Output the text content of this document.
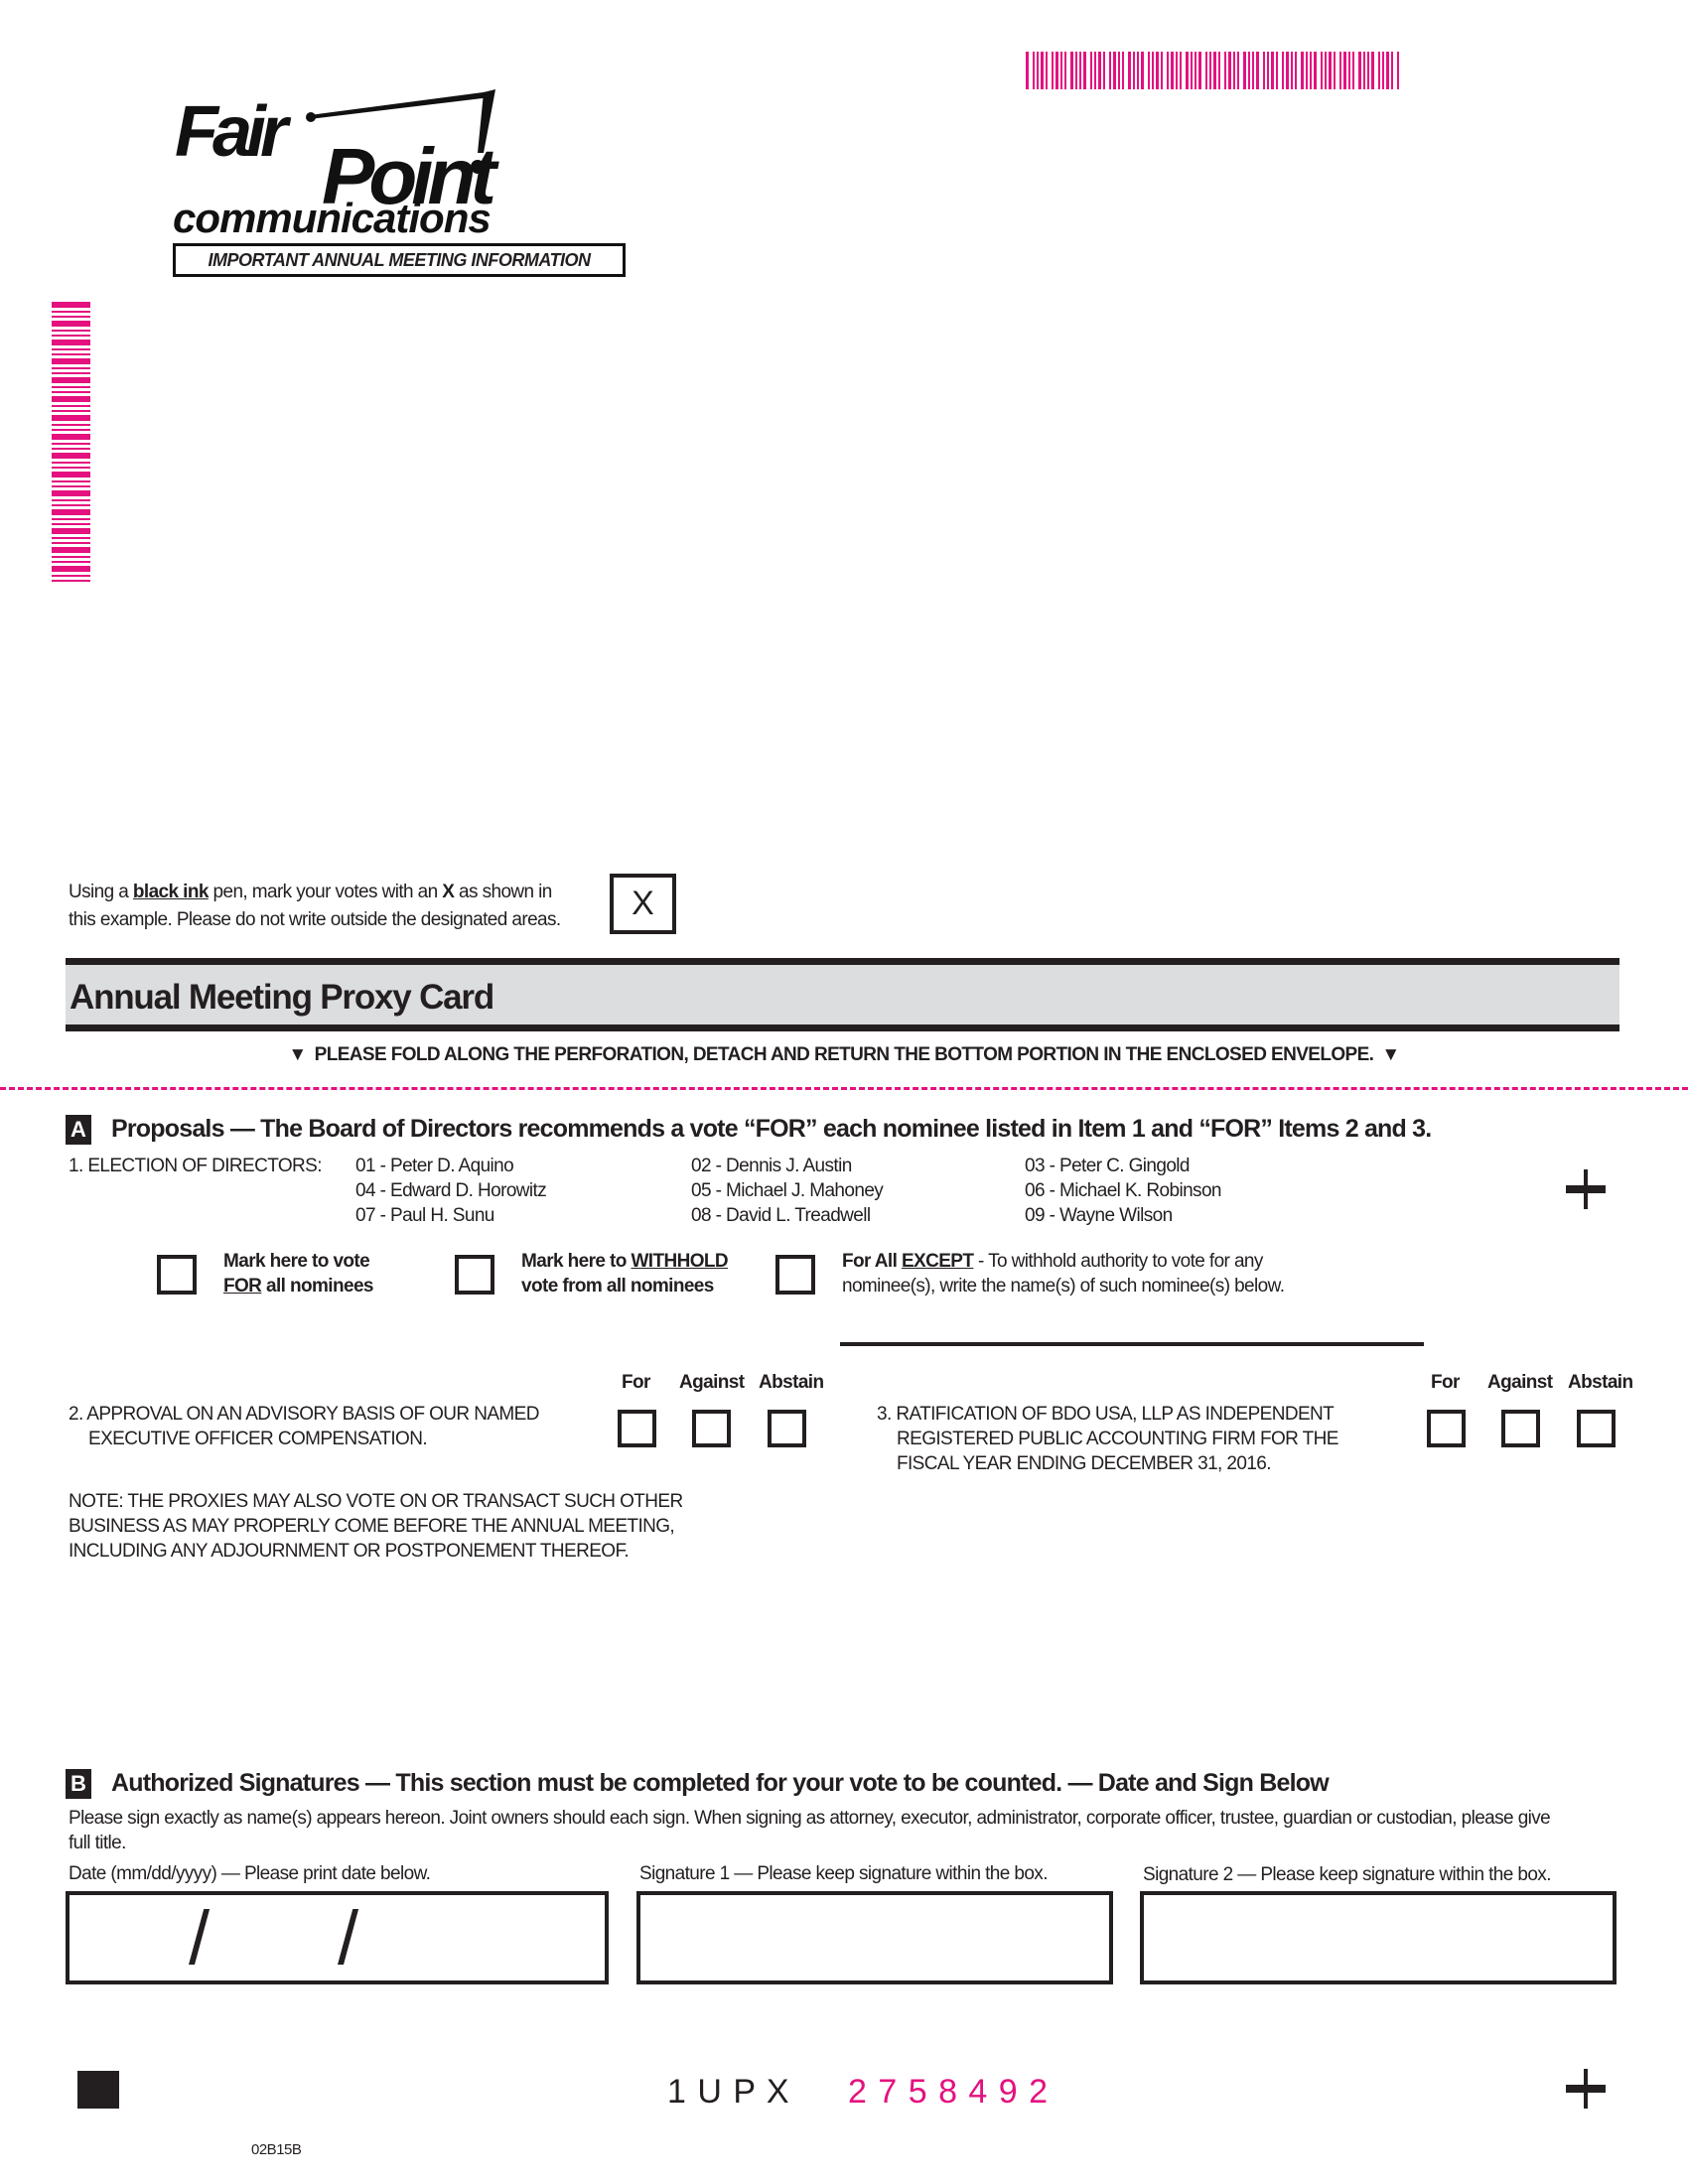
Fair Point
communications
IMPORTANT ANNUAL MEETING INFORMATION
Using a black ink pen, mark your votes with an X as shown in
this example. Please do not write outside the designated areas.	X
Annual Meeting Proxy Card
▼ PLEASE FOLD ALONG THE PERFORATION, DETACH AND RETURN THE BOTTOM PORTION IN THE ENCLOSED ENVELOPE. ▼
A Proposals — The Board of Directors recommends a vote “FOR” each nominee listed in Item 1 and “FOR” Items 2 and 3.
1. ELECTION OF DIRECTORS: 01 - Peter D. Aquino	02 - Dennis J. Austin	03 - Peter C. Gingold
04 - Edward D. Horowitz	05 - Michael J. Mahoney	06 - Michael K. Robinson
07 - Paul H. Sunu	08 - David L. Treadwell	09 - Wayne Wilson
Mark here to vote
FOR all nominees
Mark here to WITHHOLD
vote from all nominees
For All EXCEPT - To withhold authority to vote for any
nominee(s), write the name(s) of such nominee(s) below.
For Against Abstain
2. APPROVAL ON AN ADVISORY BASIS OF OUR NAMED
EXECUTIVE OFFICER COMPENSATION.
For Against Abstain
3. RATIFICATION OF BDO USA, LLP AS INDEPENDENT
REGISTERED PUBLIC ACCOUNTING FIRM FOR THE
FISCAL YEAR ENDING DECEMBER 31, 2016.
NOTE: THE PROXIES MAY ALSO VOTE ON OR TRANSACT SUCH OTHER
BUSINESS AS MAY PROPERLY COME BEFORE THE ANNUAL MEETING,
INCLUDING ANY ADJOURNMENT OR POSTPONEMENT THEREOF.
B Authorized Signatures — This section must be completed for your vote to be counted. — Date and Sign Below
Please sign exactly as name(s) appears hereon. Joint owners should each sign. When signing as attorney, executor, administrator, corporate officer, trustee, guardian or custodian, please give
full title.
Date (mm/dd/yyyy) — Please print date below.	Signature 1 — Please keep signature within the box.	Signature 2 — Please keep signature within the box.
/ /
1 U P X 2 7 5 8 4 9 2
02B15B
